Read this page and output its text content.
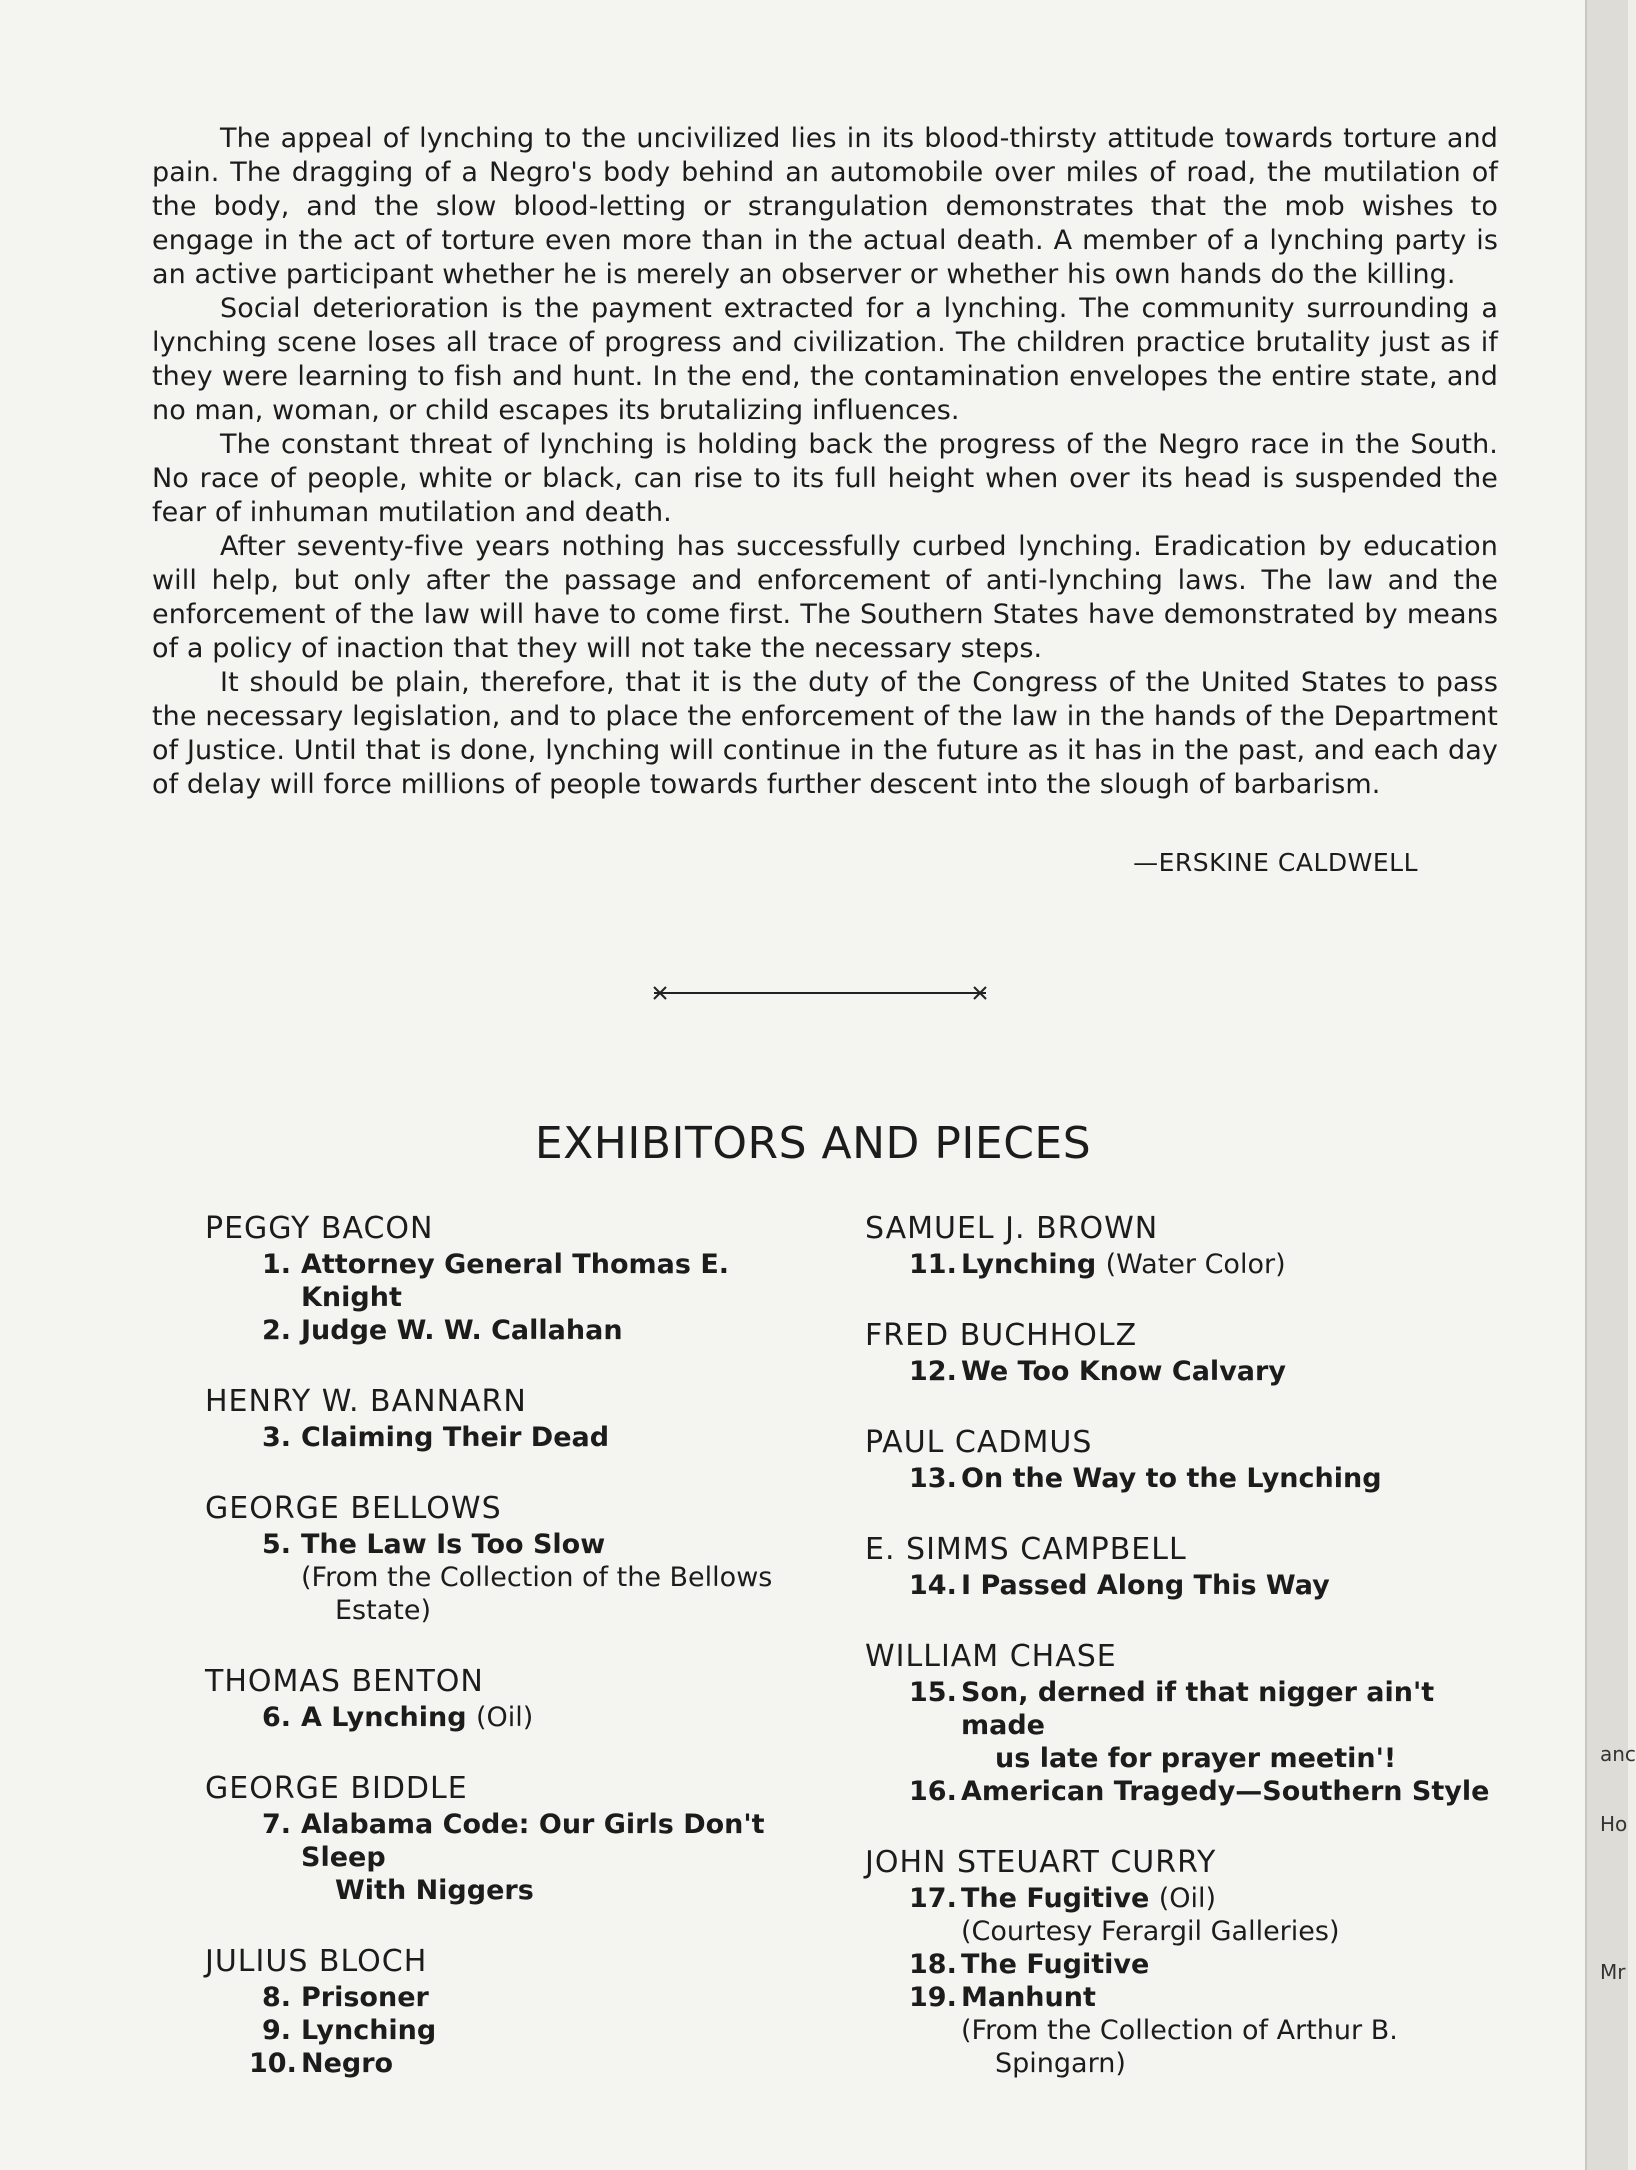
anc
Ho
Mr

The appeal of lynching to the uncivilized lies in its blood-thirsty attitude towards torture and pain. The dragging of a Negro's body behind an automobile over miles of road, the mutilation of the body, and the slow blood-letting or strangulation demonstrates that the mob wishes to engage in the act of torture even more than in the actual death. A member of a lynching party is an active participant whether he is merely an observer or whether his own hands do the killing.

Social deterioration is the payment extracted for a lynching. The community surrounding a lynching scene loses all trace of progress and civilization. The children practice brutality just as if they were learning to fish and hunt. In the end, the contamination envelopes the entire state, and no man, woman, or child escapes its brutalizing influences.

The constant threat of lynching is holding back the progress of the Negro race in the South. No race of people, white or black, can rise to its full height when over its head is suspended the fear of inhuman mutilation and death.

After seventy-five years nothing has successfully curbed lynching. Eradication by education will help, but only after the passage and enforcement of anti-lynching laws. The law and the enforcement of the law will have to come first. The Southern States have demonstrated by means of a policy of inaction that they will not take the necessary steps.

It should be plain, therefore, that it is the duty of the Congress of the United States to pass the necessary legislation, and to place the enforcement of the law in the hands of the Department of Justice. Until that is done, lynching will continue in the future as it has in the past, and each day of delay will force millions of people towards further descent into the slough of barbarism.

—ERSKINE CALDWELL
EXHIBITORS AND PIECES
PEGGY BACON
1. Attorney General Thomas E. Knight
2. Judge W. W. Callahan
HENRY W. BANNARN
3. Claiming Their Dead
GEORGE BELLOWS
5. The Law Is Too Slow
(From the Collection of the Bellows
Estate)
THOMAS BENTON
6. A Lynching (Oil)
GEORGE BIDDLE
7. Alabama Code: Our Girls Don't Sleep
With Niggers
JULIUS BLOCH
8. Prisoner
9. Lynching
10. Negro
SAMUEL J. BROWN
11. Lynching (Water Color)
FRED BUCHHOLZ
12. We Too Know Calvary
PAUL CADMUS
13. On the Way to the Lynching
E. SIMMS CAMPBELL
14. I Passed Along This Way
WILLIAM CHASE
15. Son, derned if that nigger ain't made
us late for prayer meetin'!
16. American Tragedy—Southern Style
JOHN STEUART CURRY
17. The Fugitive (Oil)
(Courtesy Ferargil Galleries)
18. The Fugitive
19. Manhunt
(From the Collection of Arthur B.
Spingarn)
